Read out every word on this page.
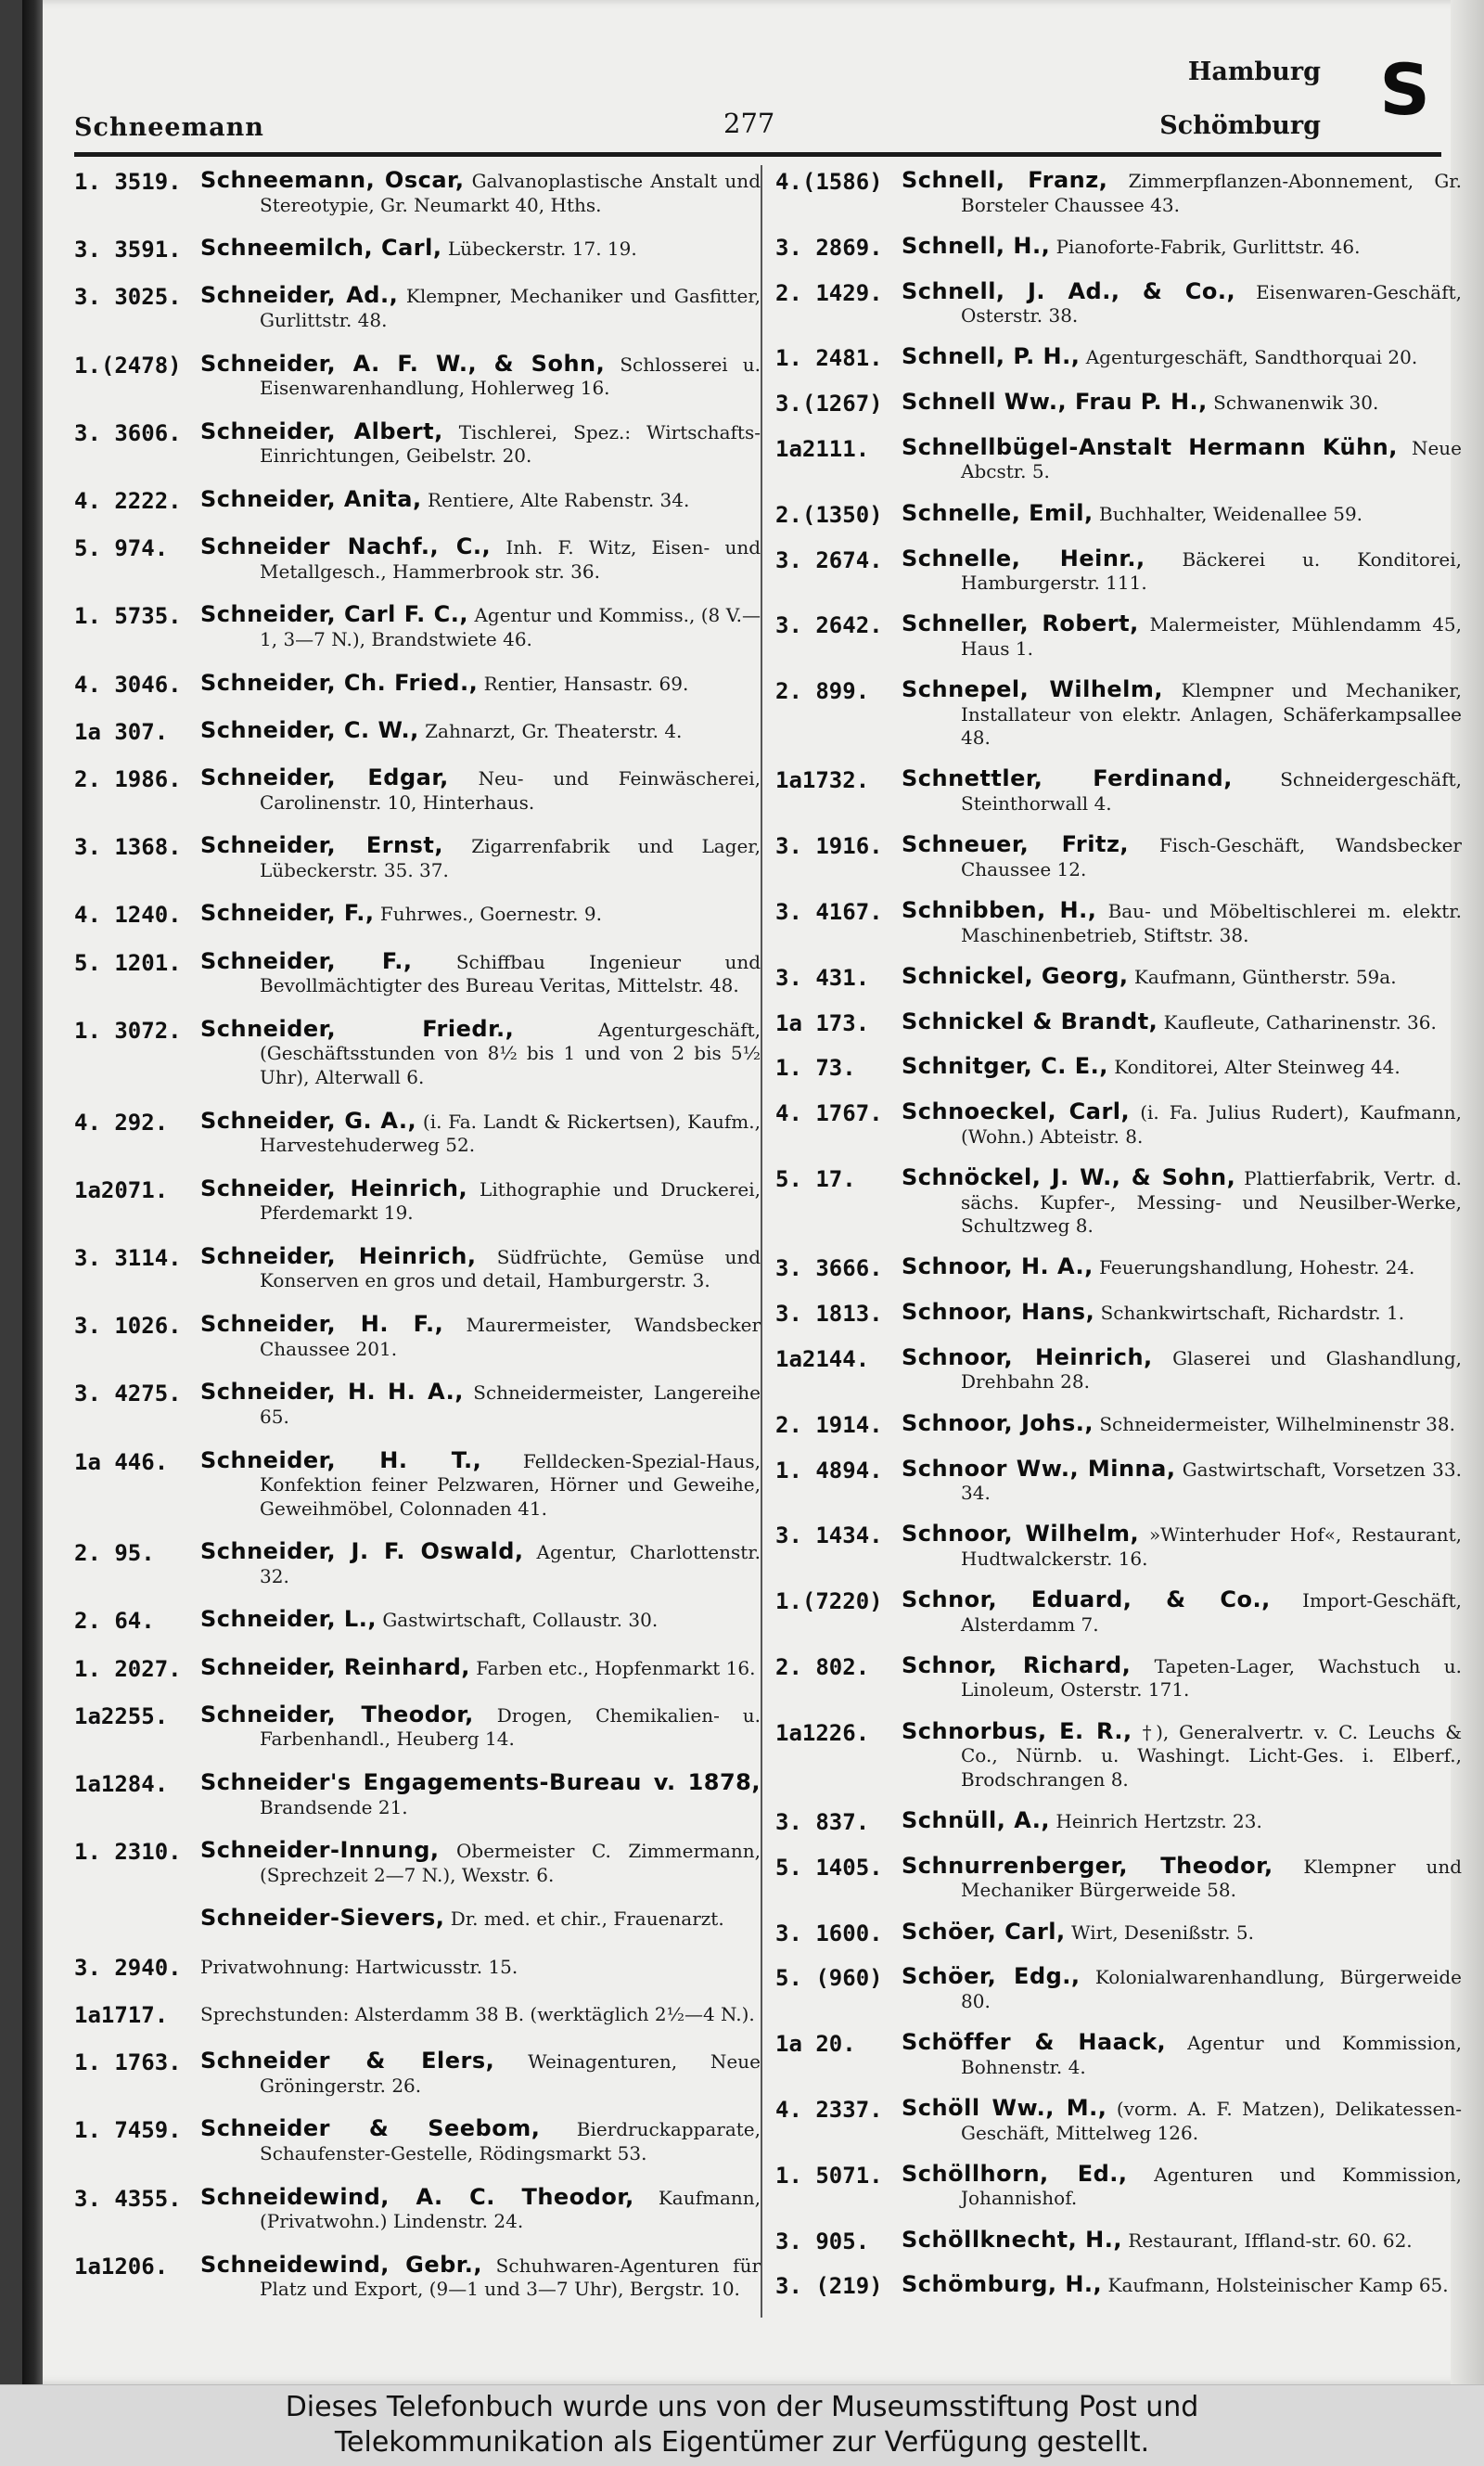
Schneemann	277
Hamburg
Schömburg S
1. 3519. Schneemann, Oscar, Galvanoplastische Anstalt und Stereotypie, Gr. Neumarkt 40, Hths.
3. 3591. Schneemilch, Carl, Lübeckerstr. 17. 19.
3. 3025. Schneider, Ad., Klempner, Mechaniker und Gasfitter, Gurlittstr. 48.
1.(2478) Schneider, A. F. W., & Sohn, Schlosserei u. Eisenwarenhandlung, Hohlerweg 16.
3. 3606. Schneider, Albert, Tischlerei, Spez.: Wirtschafts-Einrichtungen, Geibelstr. 20.
4. 2222. Schneider, Anita, Rentiere, Alte Rabenstr. 34.
5. 974. Schneider Nachf., C., Inh. F. Witz, Eisen- und Metallgesch., Hammerbrook str. 36.
1. 5735. Schneider, Carl F. C., Agentur und Kommiss., (8 V.—1, 3—7 N.), Brandstwiete 46.
4. 3046. Schneider, Ch. Fried., Rentier, Hansastr. 69.
1a 307. Schneider, C. W., Zahnarzt, Gr. Theaterstr. 4.
2. 1986. Schneider, Edgar, Neu- und Feinwäscherei, Carolinenstr. 10, Hinterhaus.
3. 1368. Schneider, Ernst, Zigarrenfabrik und Lager, Lübeckerstr. 35. 37.
4. 1240. Schneider, F., Fuhrwes., Goernestr. 9.
5. 1201. Schneider, F., Schiffbau Ingenieur und Bevollmächtigter des Bureau Veritas, Mittelstr. 48.
1. 3072. Schneider, Friedr.,	Agenturgeschäft, (Geschäftsstunden von 8½ bis 1 und von 2 bis 5½ Uhr), Alterwall 6.
4. 292. Schneider, G. A., (i. Fa. Landt & Rickertsen), Kaufm., Harvestehuderweg 52.
1a2071. Schneider, Heinrich, Lithographie und Druckerei, Pferdemarkt 19.
3. 3114. Schneider, Heinrich, Südfrüchte, Gemüse und Konserven en gros und detail, Hamburgerstr. 3.
3. 1026. Schneider, H. F., Maurermeister, Wandsbecker Chaussee 201.
3. 4275. Schneider, H. H. A., Schneidermeister, Langereihe 65.
1a 446. Schneider, H. T., Felldecken-Spezial-Haus, Konfektion feiner Pelzwaren, Hörner und Geweihe, Geweihmöbel, Colonnaden 41.
2. 95. Schneider, J. F. Oswald, Agentur, Charlottenstr. 32.
2. 64. Schneider, L., Gastwirtschaft, Collaustr. 30.
1. 2027. Schneider, Reinhard, Farben etc., Hopfenmarkt 16.
1a2255. Schneider, Theodor, Drogen, Chemikalien- u. Farbenhandl., Heuberg 14.
1a1284. Schneider's Engagements-Bureau v. 1878, Brandsende 21.
1. 2310. Schneider-Innung, Obermeister C. Zimmermann, (Sprechzeit 2—7 N.), Wexstr. 6.
Schneider-Sievers, Dr. med. et chir., Frauenarzt.
3. 2940. Privatwohnung: Hartwicusstr. 15.
1a1717. Sprechstunden: Alsterdamm 38 B. (werktäglich 2½—4 N.).
1. 1763. Schneider & Elers, Weinagenturen, Neue Gröningerstr. 26.
1. 7459. Schneider & Seebom, Bierdruckapparate, Schaufenster-Gestelle, Rödingsmarkt 53.
3. 4355. Schneidewind, A. C. Theodor, Kaufmann, (Privatwohn.) Lindenstr. 24.
1a1206. Schneidewind, Gebr., Schuhwaren-Agenturen für Platz und Export, (9—1 und 3—7 Uhr), Bergstr. 10.
4.(1586) Schnell, Franz, Zimmerpflanzen-Abonnement, Gr. Borsteler Chaussee 43.
3. 2869. Schnell, H., Pianoforte-Fabrik, Gurlittstr. 46.
2. 1429. Schnell, J. Ad., & Co., Eisenwaren-Geschäft, Osterstr. 38.
1. 2481. Schnell, P. H., Agenturgeschäft, Sandthorquai 20.
3.(1267) Schnell Ww., Frau P. H., Schwanenwik 30.
1a2111. Schnellbügel-Anstalt Hermann Kühn, Neue Abcstr. 5.
2.(1350) Schnelle, Emil, Buchhalter, Weidenallee 59.
3. 2674. Schnelle, Heinr., Bäckerei u. Konditorei, Hamburgerstr. 111.
3. 2642. Schneller, Robert, Malermeister, Mühlendamm 45, Haus 1.
2. 899. Schnepel, Wilhelm, Klempner und Mechaniker, Installateur von elektr. Anlagen, Schäferkampsallee 48.
1a1732. Schnettler, Ferdinand,	Schneidergeschäft, Steinthorwall 4.
3. 1916. Schneuer, Fritz, Fisch-Geschäft, Wandsbecker Chaussee 12.
3. 4167. Schnibben, H., Bau- und Möbeltischlerei m. elektr. Maschinenbetrieb, Stiftstr. 38.
3. 431. Schnickel, Georg, Kaufmann, Güntherstr. 59a.
1a 173. Schnickel & Brandt, Kaufleute, Catharinenstr. 36.
1. 73. Schnitger, C. E., Konditorei, Alter Steinweg 44.
4. 1767. Schnoeckel, Carl, (i. Fa. Julius Rudert), Kaufmann, (Wohn.) Abteistr. 8.
5. 17. Schnöckel, J. W., & Sohn, Plattierfabrik, Vertr. d. sächs. Kupfer-, Messing- und Neusilber-Werke, Schultzweg 8.
3. 3666. Schnoor, H. A., Feuerungshandlung, Hohestr. 24.
3. 1813. Schnoor, Hans, Schankwirtschaft, Richardstr. 1.
1a2144. Schnoor, Heinrich, Glaserei und Glashandlung, Drehbahn 28.
2. 1914. Schnoor, Johs., Schneidermeister, Wilhelminenstr 38.
1. 4894. Schnoor Ww., Minna, Gastwirtschaft, Vorsetzen 33. 34.
3. 1434. Schnoor, Wilhelm, »Winterhuder Hof«, Restaurant, Hudtwalckerstr. 16.
1.(7220) Schnor, Eduard, & Co., Import-Geschäft, Alsterdamm 7.
2. 802. Schnor, Richard, Tapeten-Lager, Wachstuch u. Linoleum, Osterstr. 171.
1a1226. Schnorbus, E. R., †), Generalvertr. v. C. Leuchs & Co., Nürnb. u. Washingt. Licht-Ges. i. Elberf., Brodschrangen 8.
3. 837. Schnüll, A., Heinrich Hertzstr. 23.
5. 1405. Schnurrenberger, Theodor, Klempner und Mechaniker Bürgerweide 58.
3. 1600. Schöer, Carl, Wirt, Desenißstr. 5.
5. (960) Schöer, Edg., Kolonialwarenhandlung, Bürgerweide 80.
1a 20. Schöffer & Haack, Agentur und Kommission, Bohnenstr. 4.
4. 2337. Schöll Ww., M., (vorm. A. F. Matzen), Delikatessen-Geschäft, Mittelweg 126.
1. 5071. Schöllhorn, Ed., Agenturen und Kommission, Johannishof.
3. 905. Schöllknecht, H., Restaurant, Iffland-str. 60. 62.
3. (219) Schömburg, H., Kaufmann, Holsteinischer Kamp 65.
Dieses Telefonbuch wurde uns von der Museumsstiftung Post und
Telekommunikation als Eigentümer zur Verfügung gestellt.
